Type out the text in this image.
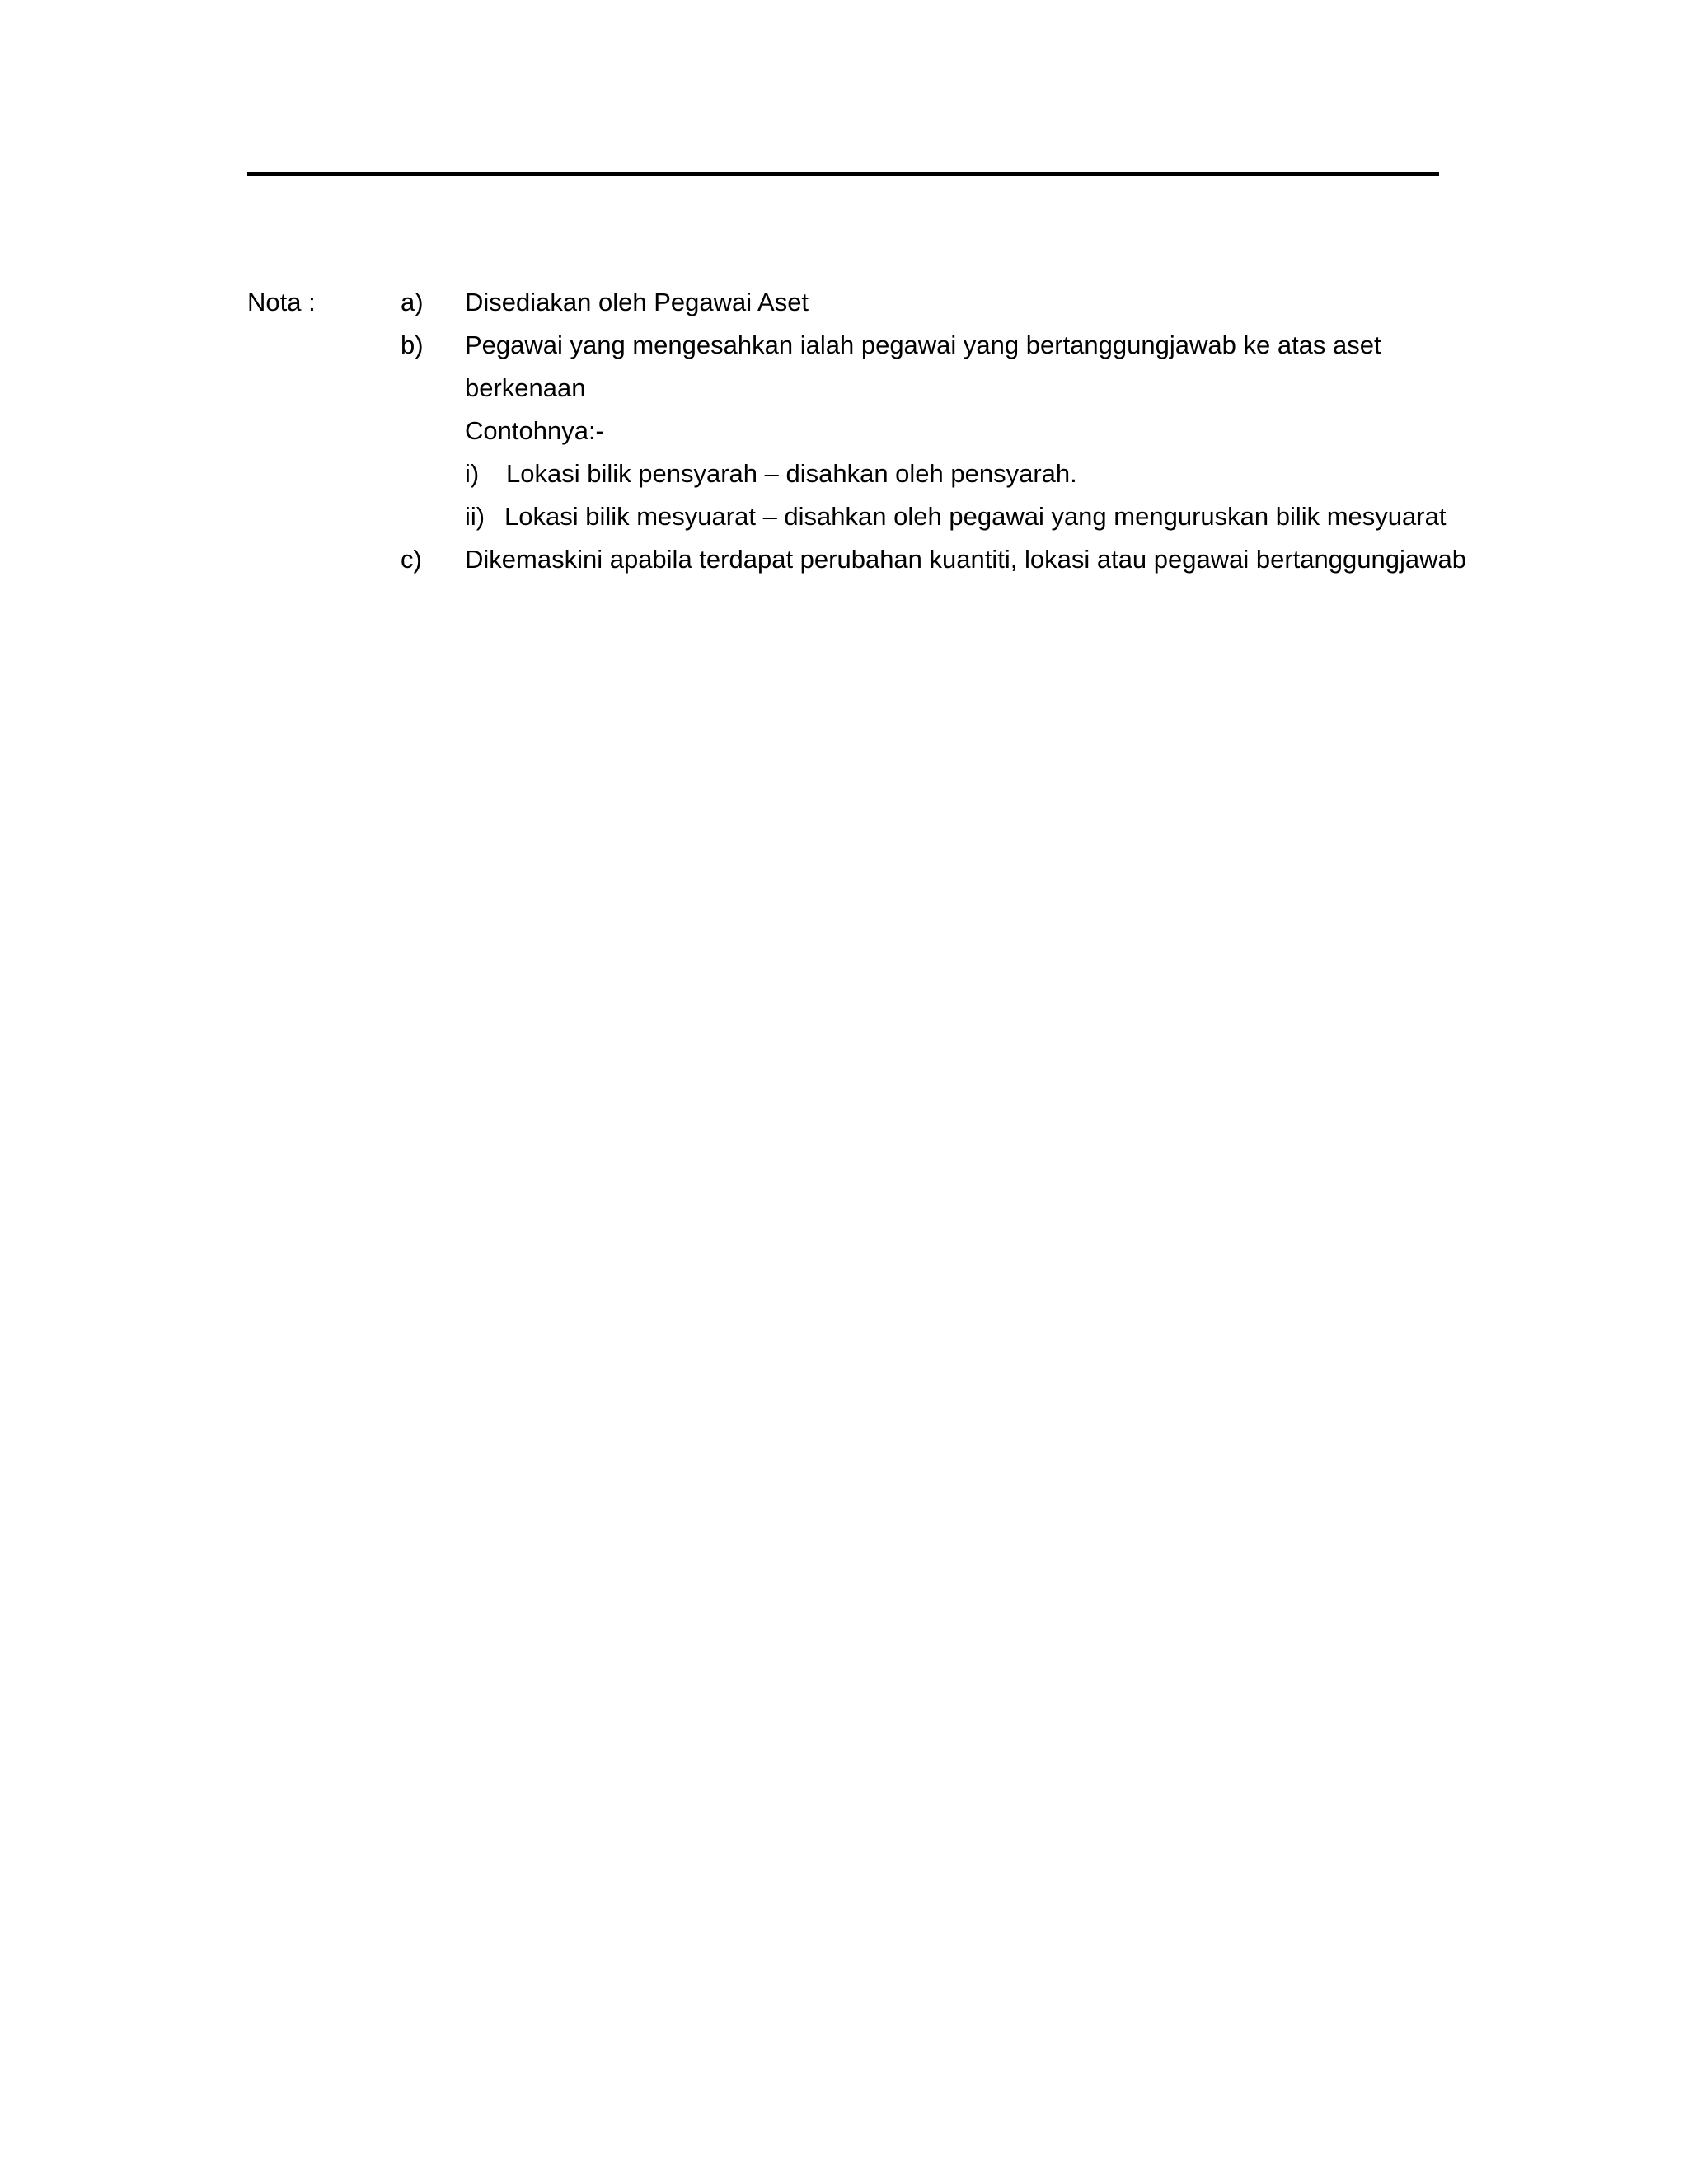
Nota :	a) Disediakan oleh Pegawai Aset
b) Pegawai yang mengesahkan ialah pegawai yang bertanggungjawab ke atas aset
berkenaan
Contohnya:-
i) Lokasi bilik pensyarah – disahkan oleh pensyarah.
ii) Lokasi bilik mesyuarat – disahkan oleh pegawai yang menguruskan bilik mesyuarat
c) Dikemaskini apabila terdapat perubahan kuantiti, lokasi atau pegawai bertanggungjawab
